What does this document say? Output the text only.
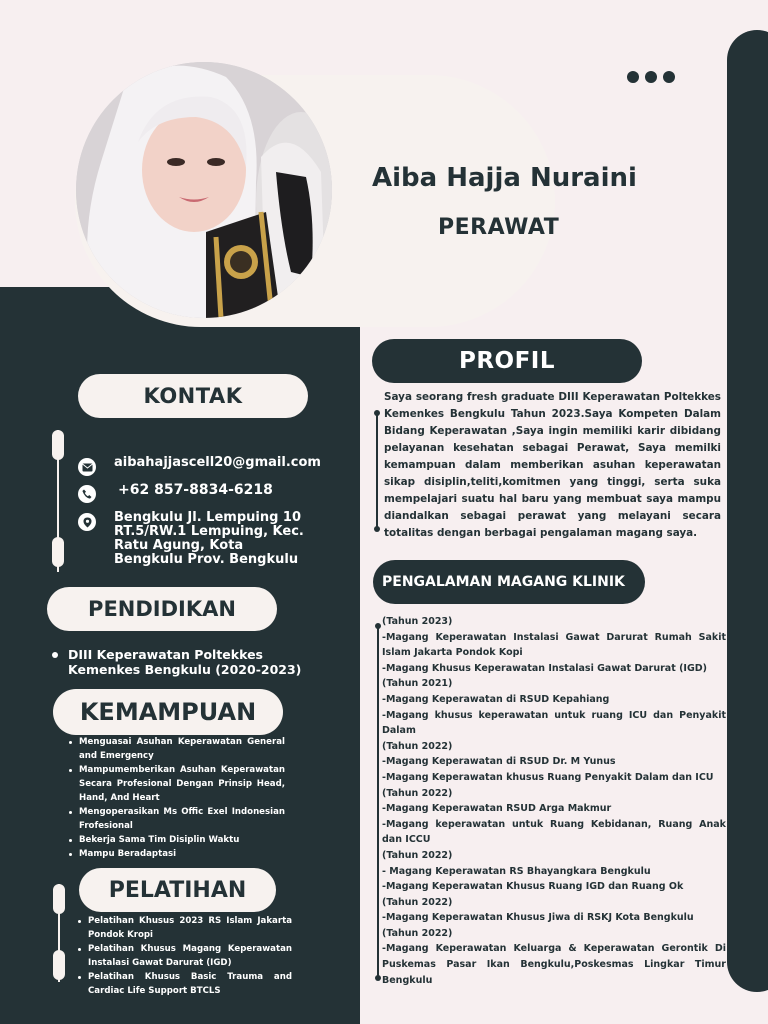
Aiba Hajja Nuraini
PERAWAT
KONTAK
aibahajjascell20@gmail.com
+62 857-8834-6218
Bengkulu Jl. Lempuing 10 RT.5/RW.1 Lempuing, Kec. Ratu Agung, Kota Bengkulu Prov. Bengkulu
PENDIDIKAN
DIII Keperawatan Poltekkes Kemenkes Bengkulu (2020-2023)
KEMAMPUAN
Menguasai Asuhan Keperawatan General and Emergency
Mampumemberikan Asuhan Keperawatan Secara Profesional Dengan Prinsip Head, Hand, And Heart
Mengoperasikan Ms Offic Exel Indonesian Frofesional
Bekerja Sama Tim Disiplin Waktu
Mampu Beradaptasi
PELATIHAN
Pelatihan Khusus 2023 RS Islam Jakarta Pondok Kropi
Pelatihan Khusus Magang Keperawatan Instalasi Gawat Darurat (IGD)
Pelatihan Khusus Basic Trauma and Cardiac Life Support BTCLS
PROFIL
Saya seorang fresh graduate DIII Keperawatan Poltekkes Kemenkes Bengkulu Tahun 2023.Saya Kompeten Dalam Bidang Keperawatan ,Saya ingin memiliki karir dibidang pelayanan kesehatan sebagai Perawat, Saya memilki kemampuan dalam memberikan asuhan keperawatan sikap disiplin,teliti,komitmen yang tinggi, serta suka mempelajari suatu hal baru yang membuat saya mampu diandalkan sebagai perawat yang melayani secara totalitas dengan berbagai pengalaman magang saya.
PENGALAMAN MAGANG KLINIK
(Tahun 2023)
-Magang Keperawatan Instalasi Gawat Darurat Rumah Sakit Islam Jakarta Pondok Kopi
-Magang Khusus Keperawatan Instalasi Gawat Darurat (IGD)
(Tahun 2021)
-Magang Keperawatan di RSUD Kepahiang
-Magang khusus keperawatan untuk ruang ICU dan Penyakit Dalam
(Tahun 2022)
-Magang Keperawatan di RSUD Dr. M Yunus
-Magang Keperawatan khusus Ruang Penyakit Dalam dan ICU
(Tahun 2022)
-Magang Keperawatan RSUD Arga Makmur
-Magang keperawatan untuk Ruang Kebidanan, Ruang Anak dan ICCU
(Tahun 2022)
- Magang Keperawatan RS Bhayangkara Bengkulu
-Magang Keperawatan Khusus Ruang IGD dan Ruang Ok
(Tahun 2022)
-Magang Keperawatan Khusus Jiwa di RSKJ Kota Bengkulu
(Tahun 2022)
-Magang Keperawatan Keluarga & Keperawatan Gerontik Di Puskemas Pasar Ikan Bengkulu,Poskesmas Lingkar Timur Bengkulu
